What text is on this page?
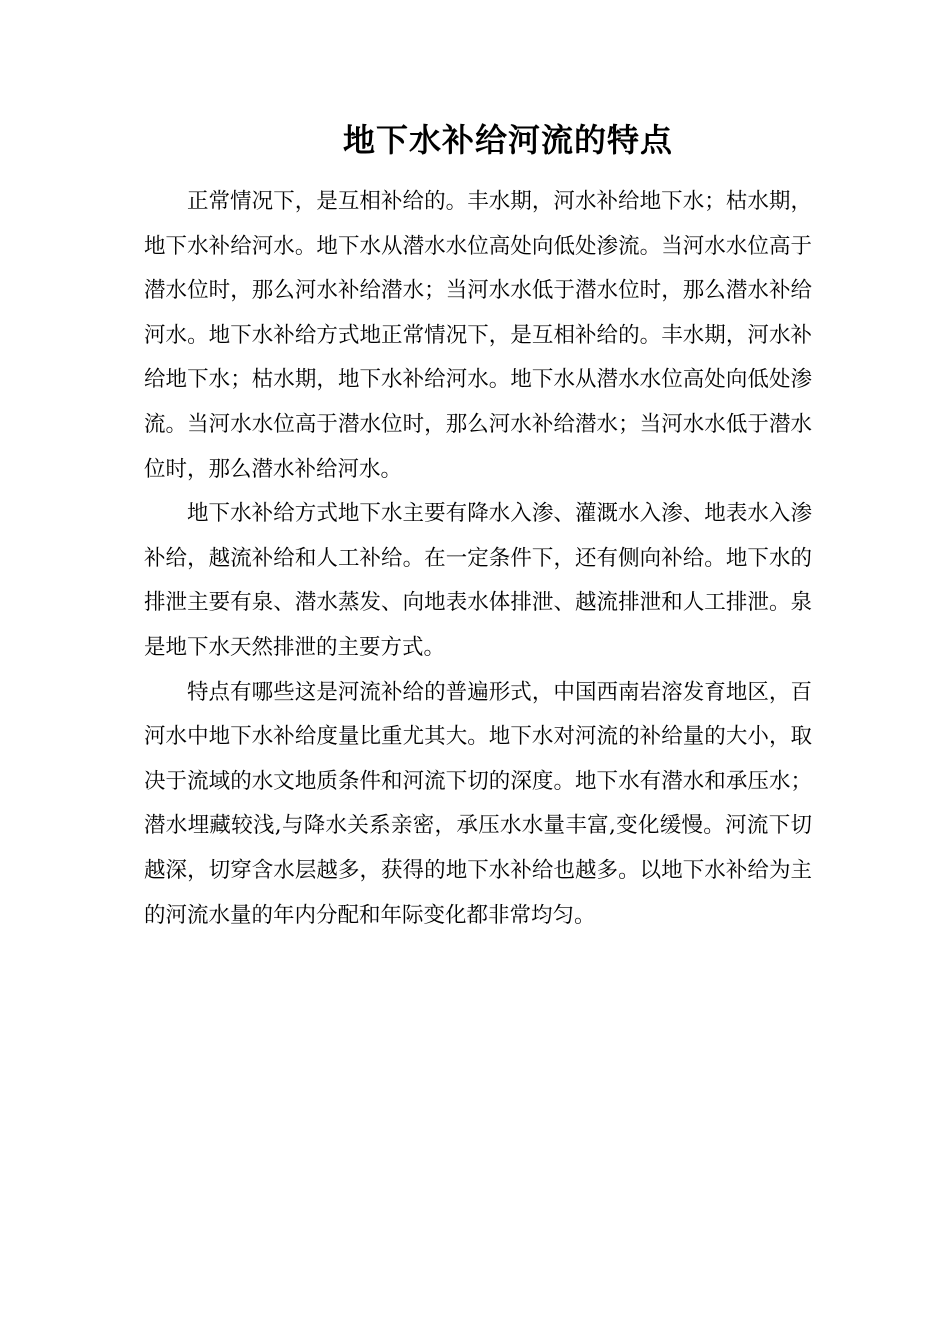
地下水补给河流的特点

正常情况下，是互相补给的。丰水期，河水补给地下水；枯水期，地下水补给河水。地下水从潜水水位高处向低处渗流。当河水水位高于潜水位时，那么河水补给潜水；当河水水低于潜水位时，那么潜水补给河水。地下水补给方式地正常情况下，是互相补给的。丰水期，河水补给地下水；枯水期，地下水补给河水。地下水从潜水水位高处向低处渗流。当河水水位高于潜水位时，那么河水补给潜水；当河水水低于潜水位时，那么潜水补给河水。

地下水补给方式地下水主要有降水入渗、灌溉水入渗、地表水入渗补给，越流补给和人工补给。在一定条件下，还有侧向补给。地下水的排泄主要有泉、潜水蒸发、向地表水体排泄、越流排泄和人工排泄。泉是地下水天然排泄的主要方式。

特点有哪些这是河流补给的普遍形式，中国西南岩溶发育地区，百河水中地下水补给度量比重尤其大。地下水对河流的补给量的大小，取决于流域的水文地质条件和河流下切的深度。地下水有潜水和承压水；潜水埋藏较浅,与降水关系亲密，承压水水量丰富,变化缓慢。河流下切越深，切穿含水层越多，获得的地下水补给也越多。以地下水补给为主的河流水量的年内分配和年际变化都非常均匀。
